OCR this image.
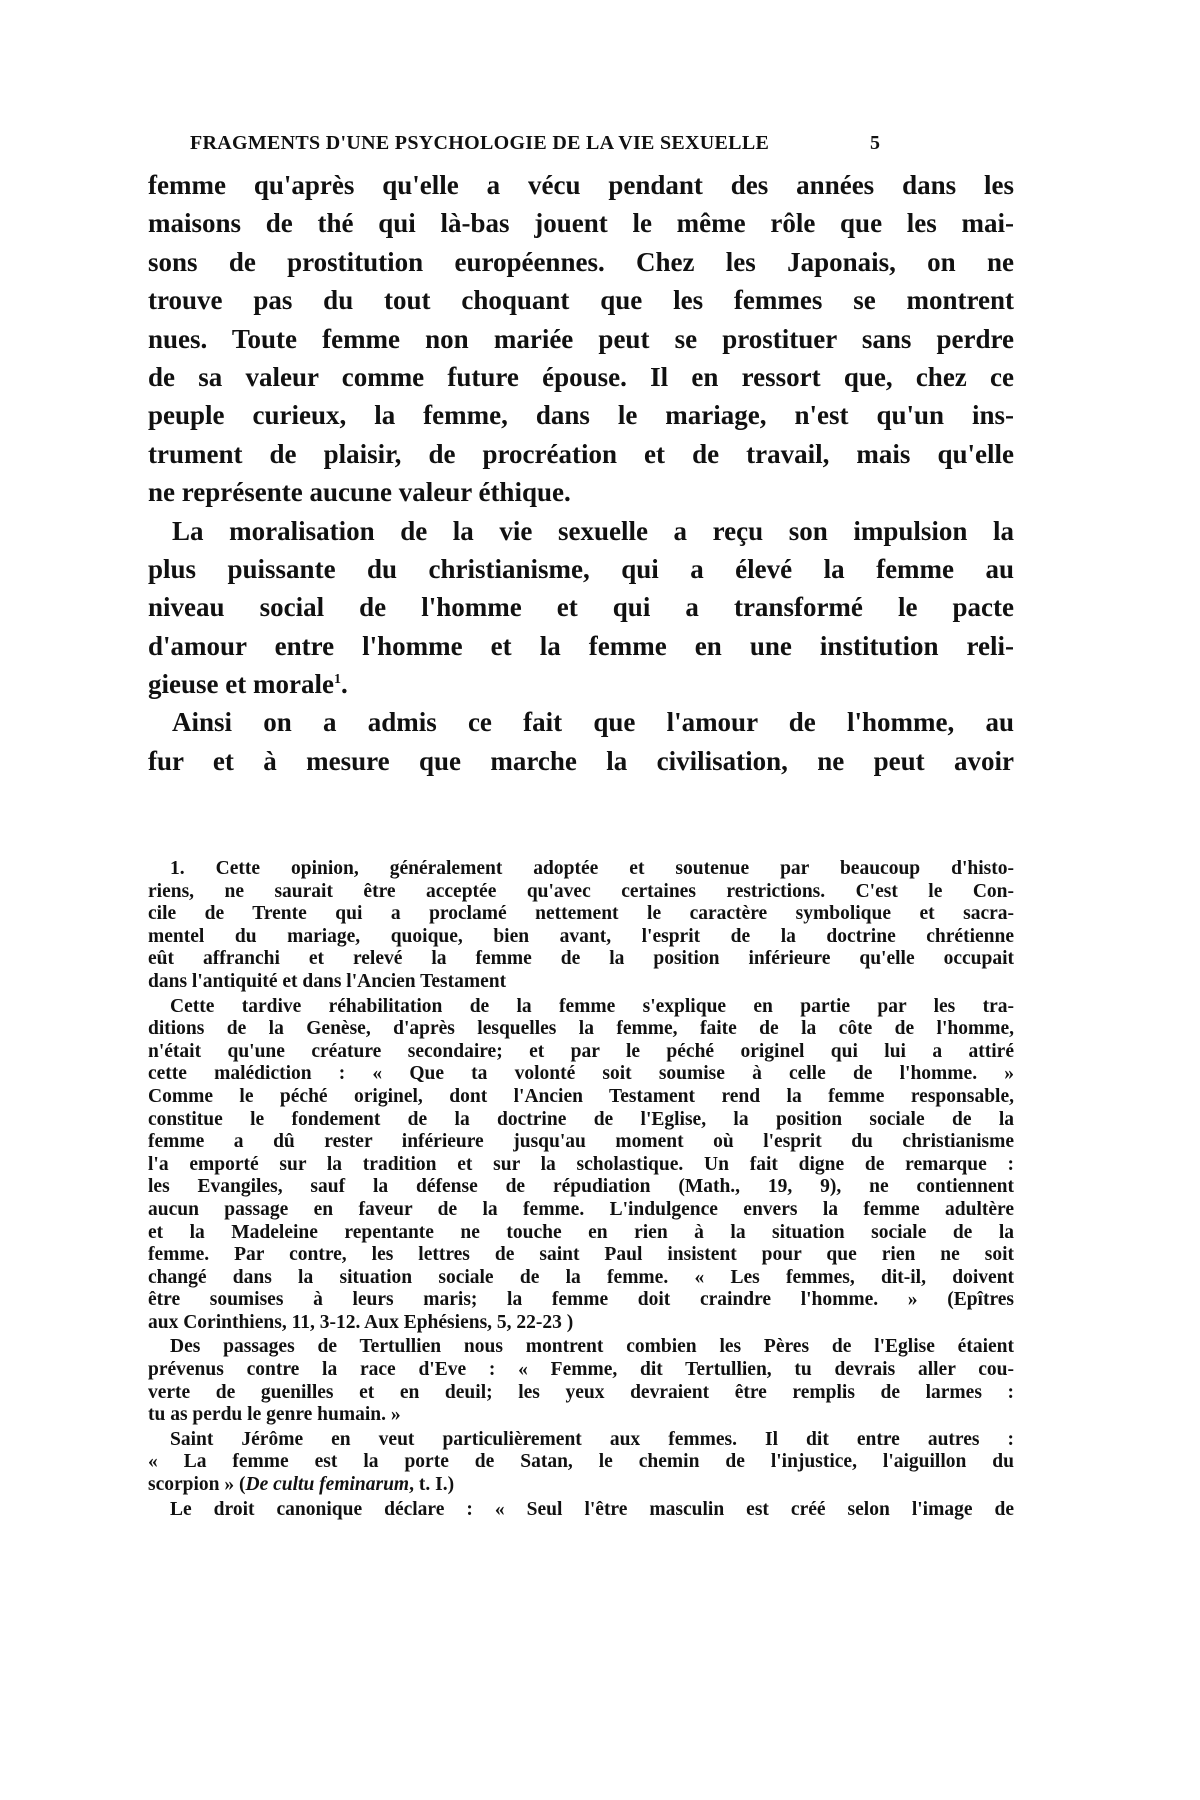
FRAGMENTS D'UNE PSYCHOLOGIE DE LA VIE SEXUELLE	5
femme qu'après qu'elle a vécu pendant des années dans les
maisons de thé qui là-bas jouent le même rôle que les mai-
sons de prostitution européennes. Chez les Japonais, on ne
trouve pas du tout choquant que les femmes se montrent
nues. Toute femme non mariée peut se prostituer sans perdre
de sa valeur comme future épouse. Il en ressort que, chez ce
peuple curieux, la femme, dans le mariage, n'est qu'un ins-
trument de plaisir, de procréation et de travail, mais qu'elle
ne représente aucune valeur éthique.
La moralisation de la vie sexuelle a reçu son impulsion la
plus puissante du christianisme, qui a élevé la femme au
niveau social de l'homme et qui a transformé le pacte
d'amour entre l'homme et la femme en une institution reli-
gieuse et morale$^1$.
Ainsi on a admis ce fait que l'amour de l'homme, au
fur et à mesure que marche la civilisation, ne peut avoir
1. Cette opinion, généralement adoptée et soutenue par beaucoup d'histo-
riens, ne saurait être acceptée qu'avec certaines restrictions. C'est le Con-
cile de Trente qui a proclamé nettement le caractère symbolique et sacra-
mentel du mariage, quoique, bien avant, l'esprit de la doctrine chrétienne
eût affranchi et relevé la femme de la position inférieure qu'elle occupait
dans l'antiquité et dans l'Ancien Testament
Cette tardive réhabilitation de la femme s'explique en partie par les tra-
ditions de la Genèse, d'après lesquelles la femme, faite de la côte de l'homme,
n'était qu'une créature secondaire; et par le péché originel qui lui a attiré
cette malédiction : « Que ta volonté soit soumise à celle de l'homme. »
Comme le péché originel, dont l'Ancien Testament rend la femme responsable,
constitue le fondement de la doctrine de l'Eglise, la position sociale de la
femme a dû rester inférieure jusqu'au moment où l'esprit du christianisme
l'a emporté sur la tradition et sur la scholastique. Un fait digne de remarque :
les Evangiles, sauf la défense de répudiation (Math., 19, 9), ne contiennent
aucun passage en faveur de la femme. L'indulgence envers la femme adultère
et la Madeleine repentante ne touche en rien à la situation sociale de la
femme. Par contre, les lettres de saint Paul insistent pour que rien ne soit
changé dans la situation sociale de la femme. « Les femmes, dit-il, doivent
être soumises à leurs maris; la femme doit craindre l'homme. » (Epîtres
aux Corinthiens, 11, 3-12. Aux Ephésiens, 5, 22-23 )
Des passages de Tertullien nous montrent combien les Pères de l'Eglise étaient
prévenus contre la race d'Eve : « Femme, dit Tertullien, tu devrais aller cou-
verte de guenilles et en deuil; les yeux devraient être remplis de larmes :
tu as perdu le genre humain. »
Saint Jérôme en veut particulièrement aux femmes. Il dit entre autres :
« La femme est la porte de Satan, le chemin de l'injustice, l'aiguillon du
scorpion » (De cultu feminarum, t. I.)
Le droit canonique déclare : « Seul l'être masculin est créé selon l'image de
